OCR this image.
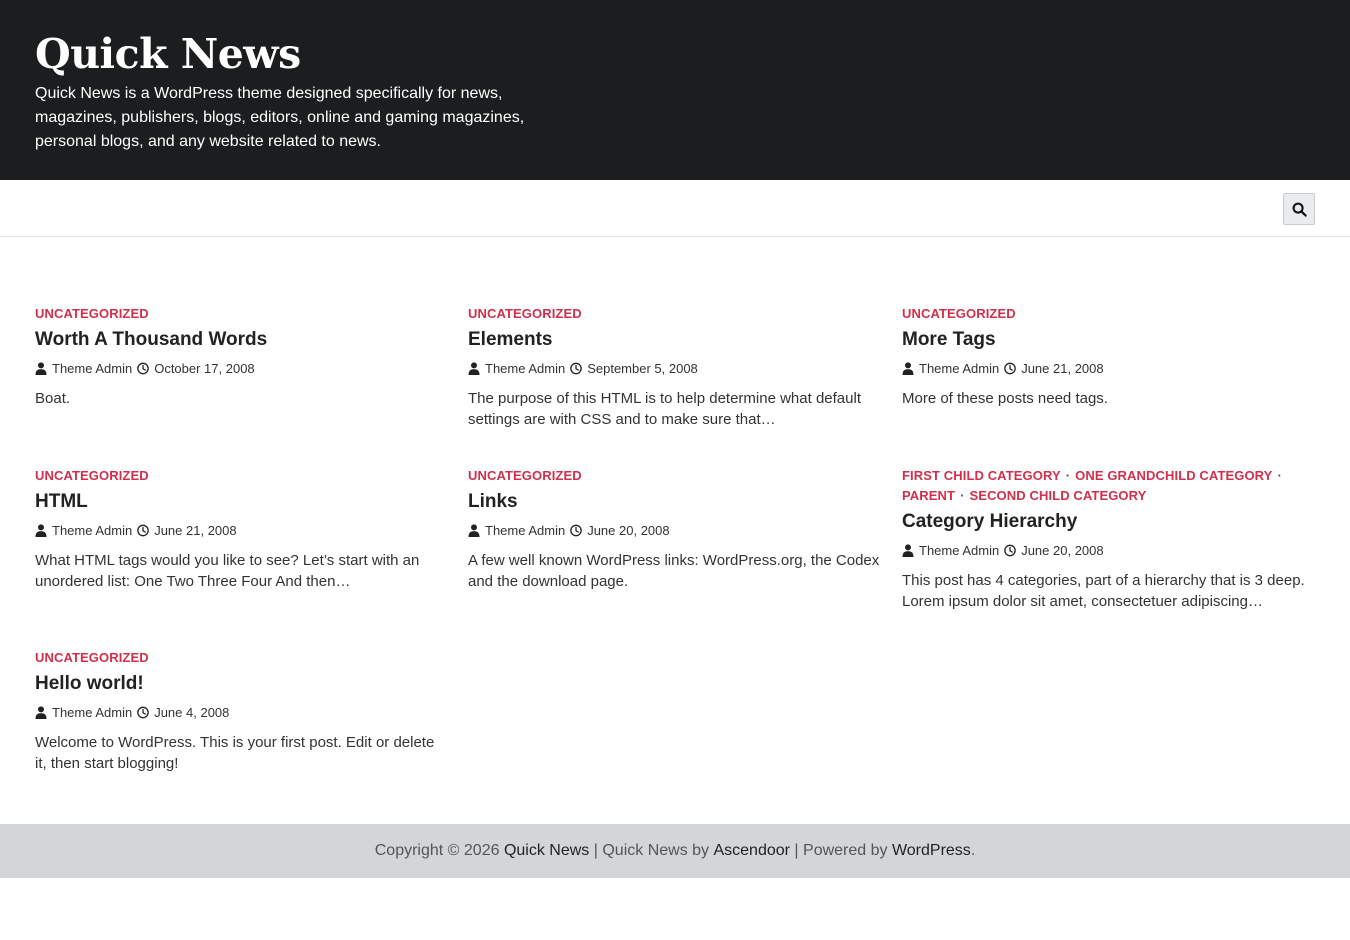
Quick News

Quick News is a WordPress theme designed specifically for news, magazines, publishers, blogs, editors, online and gaming magazines, personal blogs, and any website related to news.

UNCATEGORIZED
Worth A Thousand Words
Theme Admin October 17, 2008

Boat.

UNCATEGORIZED
Elements
Theme Admin September 5, 2008

The purpose of this HTML is to help determine what default settings are with CSS and to make sure that…

UNCATEGORIZED
More Tags
Theme Admin June 21, 2008

More of these posts need tags.

UNCATEGORIZED
HTML
Theme Admin June 21, 2008

What HTML tags would you like to see? Let’s start with an unordered list: One Two Three Four And then…

UNCATEGORIZED
Links
Theme Admin June 20, 2008

A few well known WordPress links: WordPress.org, the Codex and the download page.

FIRST CHILD CATEGORY · ONE GRANDCHILD CATEGORY ·
PARENT · SECOND CHILD CATEGORY
Category Hierarchy
Theme Admin June 20, 2008

This post has 4 categories, part of a hierarchy that is 3 deep. Lorem ipsum dolor sit amet, consectetuer adipiscing…

UNCATEGORIZED
Hello world!
Theme Admin June 4, 2008

Welcome to WordPress. This is your first post. Edit or delete it, then start blogging!

Copyright © 2026 Quick News | Quick News by Ascendoor | Powered by WordPress .
